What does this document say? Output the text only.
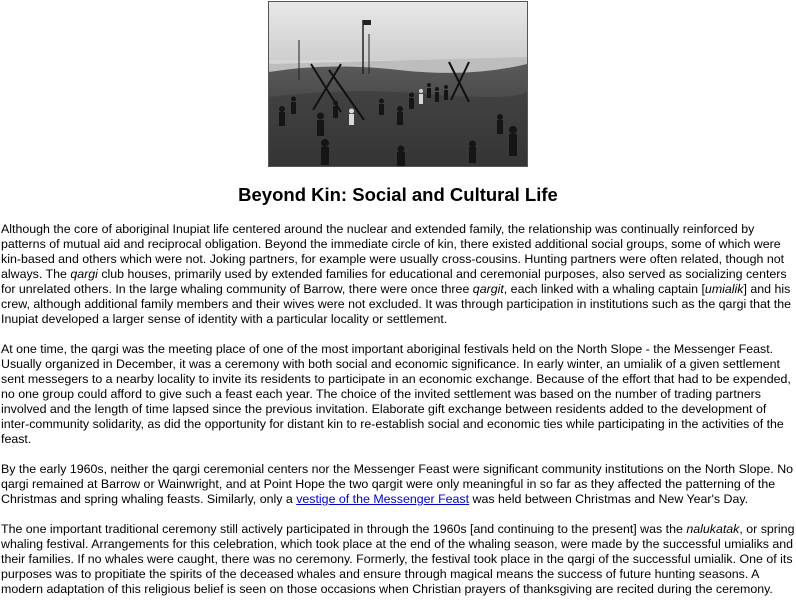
Beyond Kin: Social and Cultural Life

Although the core of aboriginal Inupiat life centered around the nuclear and extended family, the relationship was continually reinforced by patterns of mutual aid and reciprocal obligation. Beyond the immediate circle of kin, there existed additional social groups, some of which were kin-based and others which were not. Joking partners, for example were usually cross-cousins. Hunting partners were often related, though not always. The qargi club houses, primarily used by extended families for educational and ceremonial purposes, also served as socializing centers for unrelated others. In the large whaling community of Barrow, there were once three qargit, each linked with a whaling captain [umialik] and his crew, although additional family members and their wives were not excluded. It was through participation in institutions such as the qargi that the Inupiat developed a larger sense of identity with a particular locality or settlement.

At one time, the qargi was the meeting place of one of the most important aboriginal festivals held on the North Slope - the Messenger Feast. Usually organized in December, it was a ceremony with both social and economic significance. In early winter, an umialik of a given settlement sent messegers to a nearby locality to invite its residents to participate in an economic exchange. Because of the effort that had to be expended, no one group could afford to give such a feast each year. The choice of the invited settlement was based on the number of trading partners involved and the length of time lapsed since the previous invitation. Elaborate gift exchange between residents added to the development of inter-community solidarity, as did the opportunity for distant kin to re-establish social and economic ties while participating in the activities of the feast.

By the early 1960s, neither the qargi ceremonial centers nor the Messenger Feast were significant community institutions on the North Slope. No qargi remained at Barrow or Wainwright, and at Point Hope the two qargit were only meaningful in so far as they affected the patterning of the Christmas and spring whaling feasts. Similarly, only a vestige of the Messenger Feast was held between Christmas and New Year's Day.

The one important traditional ceremony still actively participated in through the 1960s [and continuing to the present] was the nalukatak, or spring whaling festival. Arrangements for this celebration, which took place at the end of the whaling season, were made by the successful umialiks and their families. If no whales were caught, there was no ceremony. Formerly, the festival took place in the qargi of the successful umialik. One of its purposes was to propitiate the spirits of the deceased whales and ensure through magical means the success of future hunting seasons. A modern adaptation of this religious belief is seen on those occasions when Christian prayers of thanksgiving are recited during the ceremony.
